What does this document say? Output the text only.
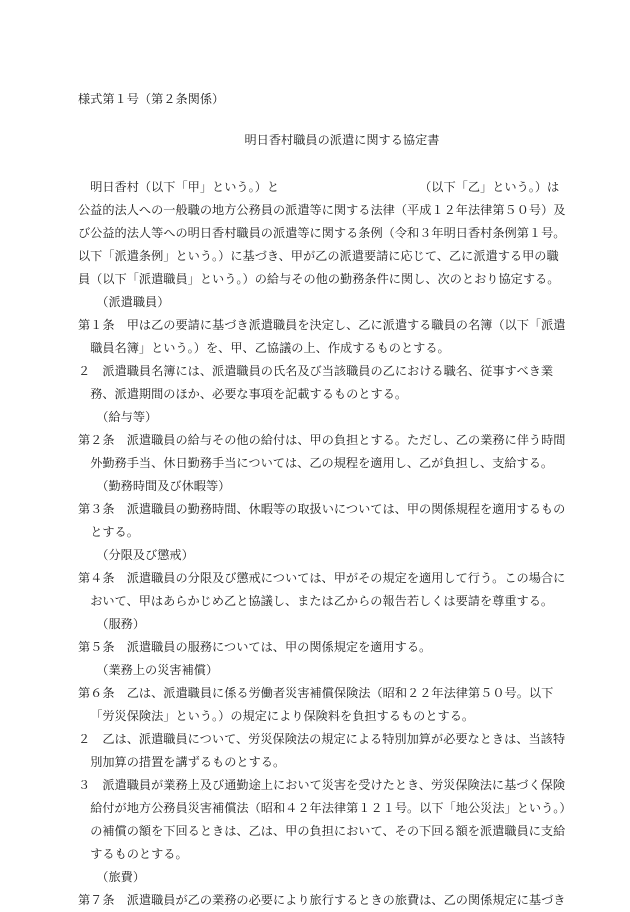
様式第１号（第２条関係）
明日香村職員の派遣に関する協定書

明日香村（以下「甲」という。）と	（以下「乙」という。）は公益的法人への一般職の地方公務員の派遣等に関する法律（平成１２年法律第５０号）及び公益的法人等への明日香村職員の派遣等に関する条例（令和３年明日香村条例第１号。以下「派遣条例」という。）に基づき、甲が乙の派遣要請に応じて、乙に派遣する甲の職員（以下「派遣職員」という。）の給与その他の勤務条件に関し、次のとおり協定する。

（派遣職員）

第１条　甲は乙の要請に基づき派遣職員を決定し、乙に派遣する職員の名簿（以下「派遣職員名簿」という。）を、甲、乙協議の上、作成するものとする。

２　派遣職員名簿には、派遣職員の氏名及び当該職員の乙における職名、従事すべき業務、派遣期間のほか、必要な事項を記載するものとする。

（給与等）

第２条　派遣職員の給与その他の給付は、甲の負担とする。ただし、乙の業務に伴う時間外勤務手当、休日勤務手当については、乙の規程を適用し、乙が負担し、支給する。

（勤務時間及び休暇等）

第３条　派遣職員の勤務時間、休暇等の取扱いについては、甲の関係規程を適用するものとする。

（分限及び懲戒）

第４条　派遣職員の分限及び懲戒については、甲がその規定を適用して行う。この場合において、甲はあらかじめ乙と協議し、または乙からの報告若しくは要請を尊重する。

（服務）

第５条　派遣職員の服務については、甲の関係規定を適用する。

（業務上の災害補償）

第６条　乙は、派遣職員に係る労働者災害補償保険法（昭和２２年法律第５０号。以下「労災保険法」という。）の規定により保険料を負担するものとする。

２　乙は、派遣職員について、労災保険法の規定による特別加算が必要なときは、当該特別加算の措置を講ずるものとする。

３　派遣職員が業務上及び通勤途上において災害を受けたとき、労災保険法に基づく保険給付が地方公務員災害補償法（昭和４２年法律第１２１号。以下「地公災法」という。）の補償の額を下回るときは、乙は、甲の負担において、その下回る額を派遣職員に支給するものとする。

（旅費）

第７条　派遣職員が乙の業務の必要により旅行するときの旅費は、乙の関係規定に基づき
